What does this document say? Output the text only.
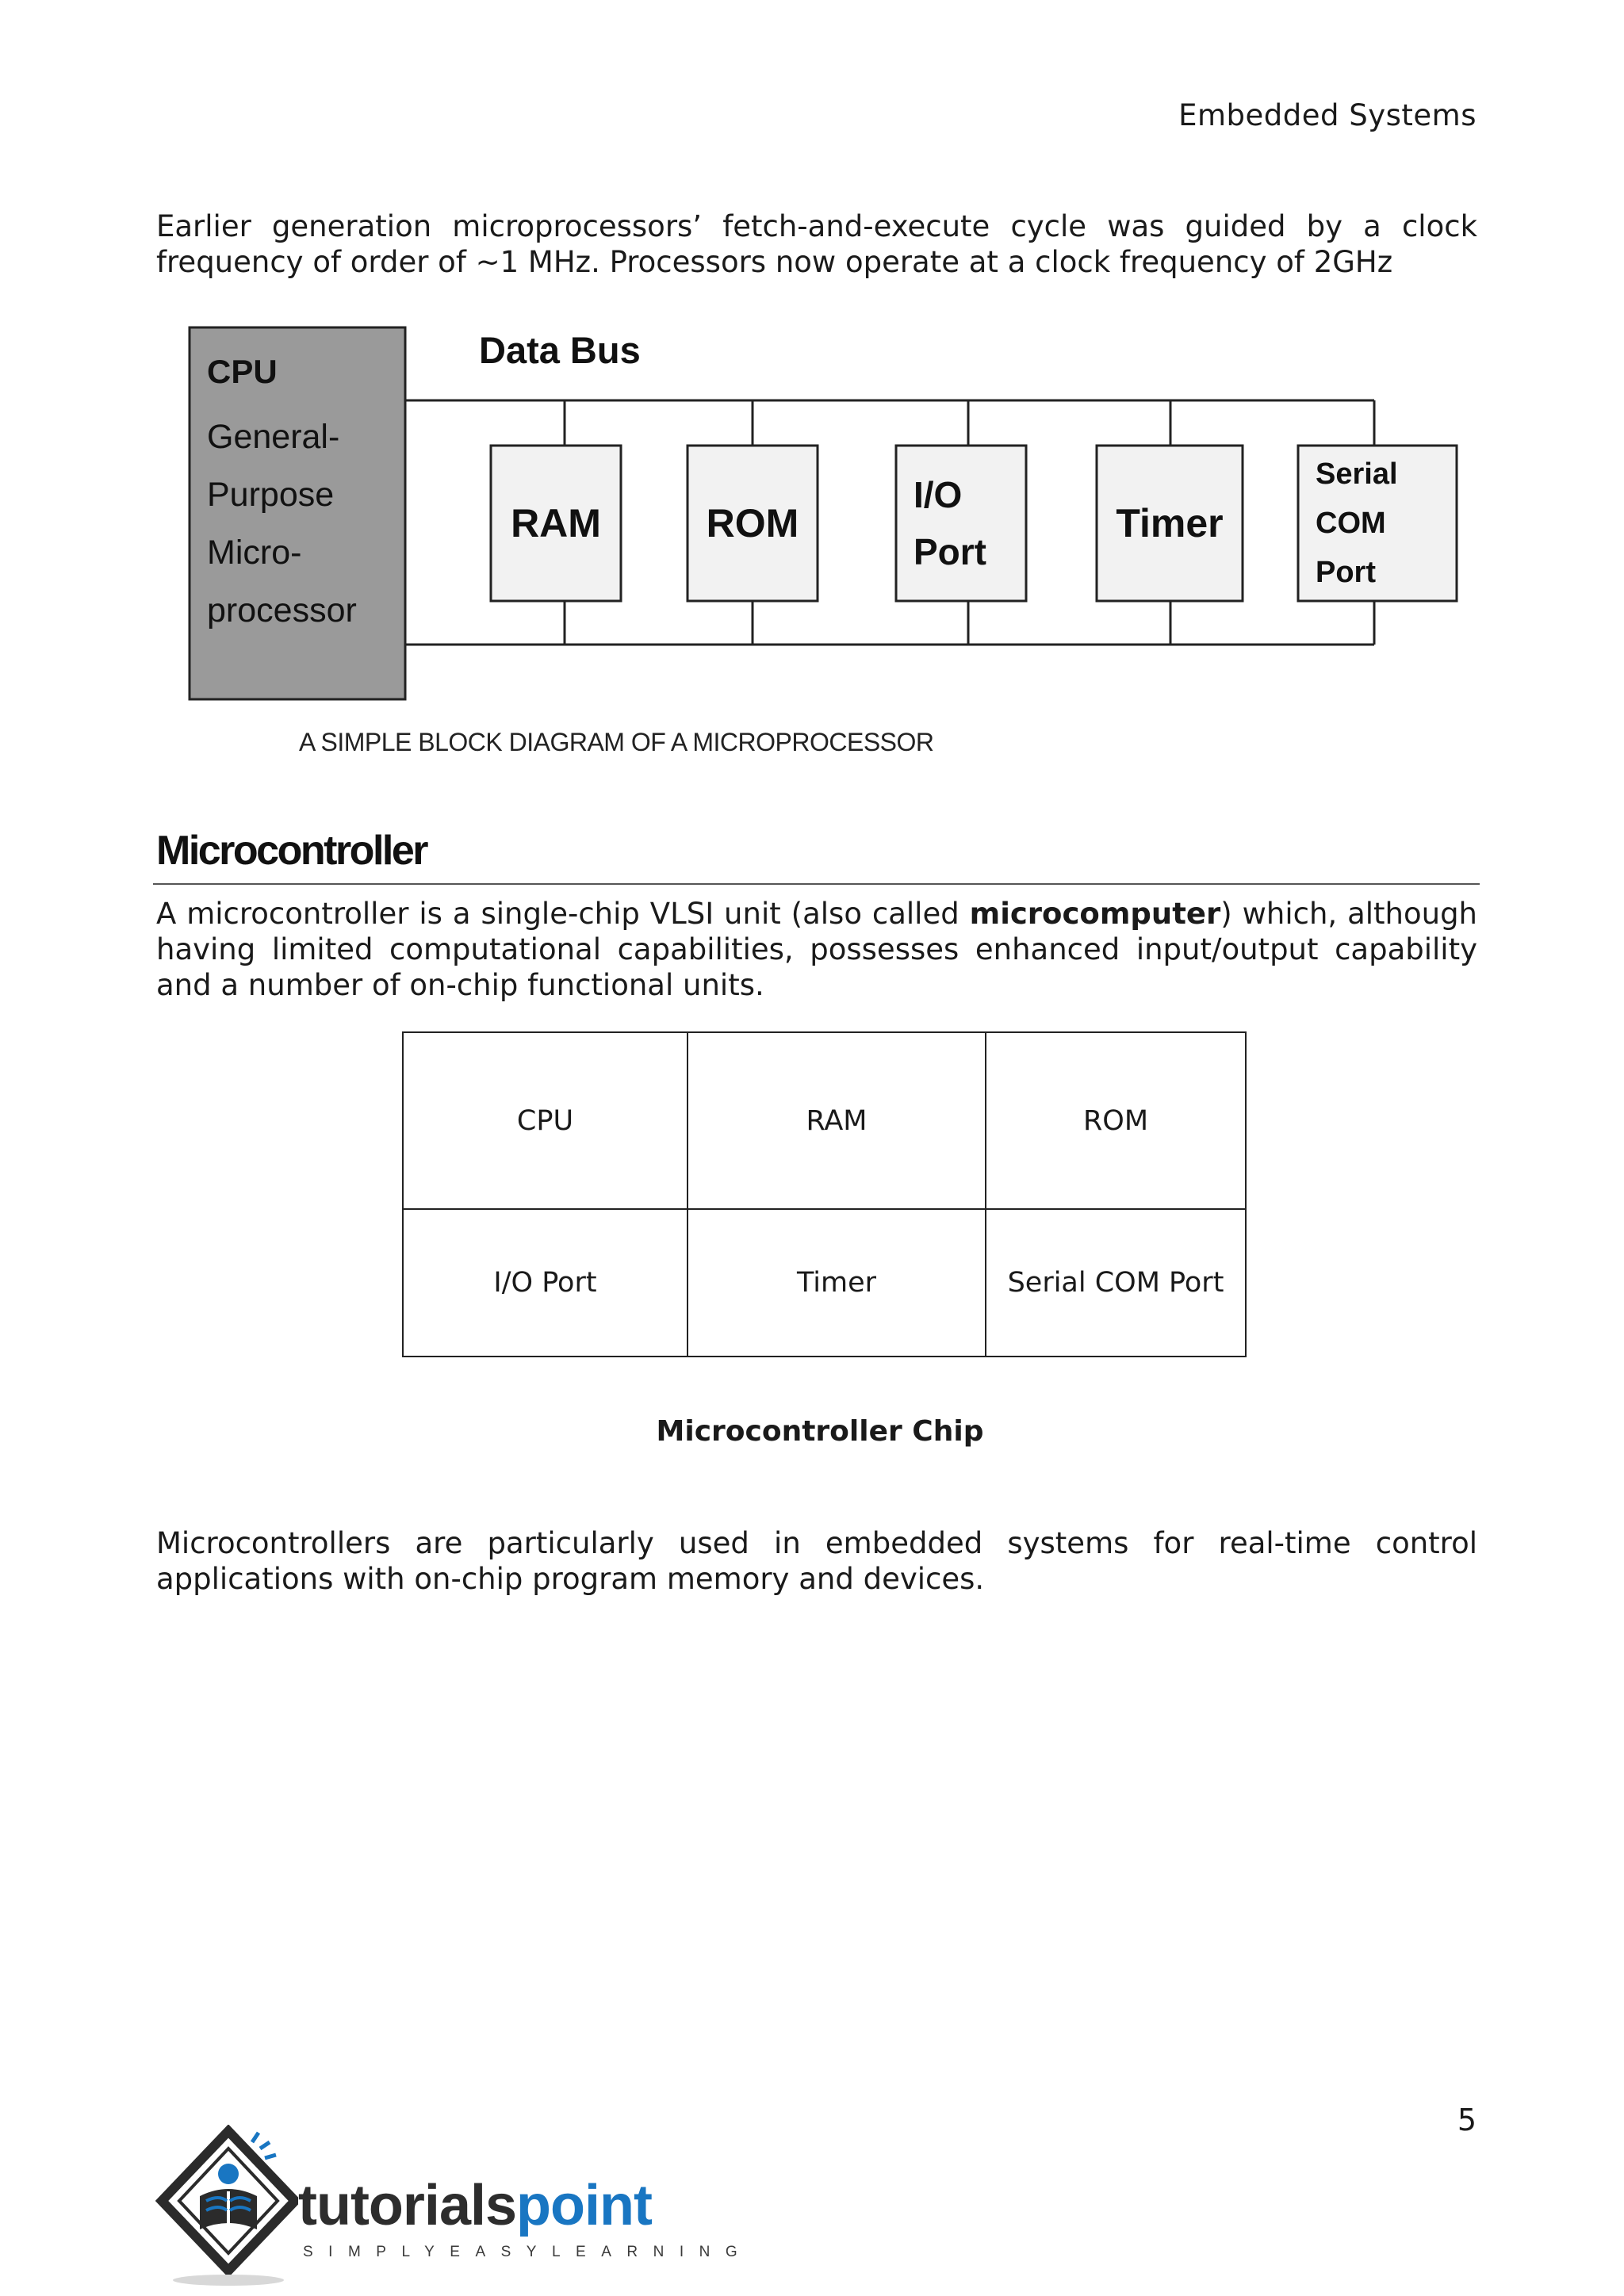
Embedded Systems

Earlier generation microprocessors’ fetch-and-execute cycle was guided by a clock frequency of order of ~1 MHz. Processors now operate at a clock frequency of 2GHz

Data Bus
CPU
General-Purpose Micro-processor
RAM	ROM
I/O Port
Timer
Serial COM Port
A SIMPLE BLOCK DIAGRAM OF A MICROPROCESSOR
Microcontroller

A microcontroller is a single-chip VLSI unit (also called microcomputer) which, although having limited computational capabilities, possesses enhanced input/output capability and a number of on-chip functional units.

CPU	RAM	ROM
I/O Port	Timer	Serial COM Port
Microcontroller Chip

Microcontrollers are particularly used in embedded systems for real-time control applications with on-chip program memory and devices.

5
tutorialspoint
SIMPLYEASYLEARNING
